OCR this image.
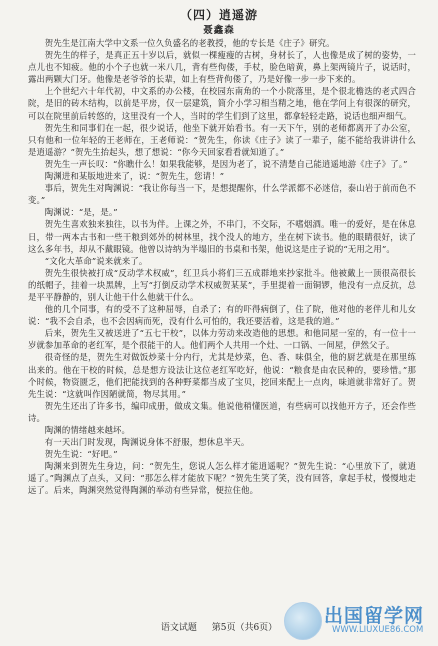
（四）逍遥游
聂鑫森

贺先生是江南大学中文系一位久负盛名的老教授，他的专长是《庄子》研究。

贺先生的样子，是真正五十岁以后，就似一棵瘦瘦的古树，身材长了，人也像是成了树的姿势，一点儿也不知疲。他的小个子也就一米八几，背有些佝偻，手杖，脸色暗黄，鼻上架两镜片子，说话时，露出两颗大门牙。他像是老爷爷的长辈，如上有些背佝偻了，乃是好像一步一步下来的。

上个世纪六十年代初，中文系的办公楼，在校园东南角的一个小院落里，是个很北檐迭的老式四合院，是旧的砖木结构，以前是平房，仅一层建筑，简介小学习相当精之地，他在学问上有很深的研究，可以在院里前后转悠的，这里没有一个人，当时的学生们到了这里，都拿轻轻走路，说话也细声细气。

贺先生和同事们在一起，很少说话，他坐下就开始看书。有一天下午，别的老师都离开了办公室，只有他和一位年轻的王老师在，王老师说：“贺先生，你读《庄子》读了一辈子，能不能给我讲讲什么是逍遥游？”贺先生抬起头，想了想说：“你今天回家看看就知道了。”

贺先生一声长叹：“你瞧什么！如果我能够，是因为老了，说不清楚自己能逍遥地游《庄子》了。”

陶渊进和某版地进来了，说：“贺先生，您请！”

事后，贺先生对陶渊说：“我让你每当一下，是想提醒你，什么学派都不必迷信，泰山岩于前而色不变。”

陶渊说：“是，是。”

贺先生喜欢独来独往，以书为伴。上课之外，不串门，不交际，不嗜烟酒。唯一的爱好，是在休息日，带一两本古书和一些干粮到郊外的树林里，找个没人的地方，坐在树下读书。他的眼睛很好，读了这么多年书，却从不戴眼镜。他曾以诗纳为半塌旧的书桌和书架，他说这是庄子说的“无用之用”。

“文化大革命”说来就来了。

贺先生很快被打成“反动学术权威”，红卫兵小将们三五成群地来抄家批斗。他被戴上一顶很高很长的纸帽子，挂着一块黑牌，上写“打倒反动学术权威贺某某”，手里提着一面铜锣，他没有一点反抗，总是平平静静的，别人让他干什么他就干什么。

他的几个同事，有的受不了这种屈辱，自杀了；有的吓得病倒了，住了院，他对他的老伴儿和儿女说：“我不会自杀，也不会因病而死，没有什么可怕的，我还要活着，这是我的道。”

后来，贺先生又被送进了“五七干校”，以体力劳动来改造他的思想。和他同屋一室的，有一位十一岁就参加革命的老红军，是个很能干的人。他们两个人共用一个灶、一口锅、一间屋，伊然父子。

很奇怪的是，贺先生对做饭炒菜十分内行，尤其是炒菜，色、香、味俱全，他的厨艺就是在那里练出来的。他在干校的时候，总是想方设法让这位老红军吃好，他说：“粮食是由农民种的，要珍惜。”那个时候，物资匮乏，他们把能找到的各种野菜都当成了宝贝，挖回来配上一点肉，味道就非常好了。贺先生说：“这就叫作因陋就简，物尽其用。”

贺先生还出了许多书，编印成册，做成文集。他说他稍懂医道，有些病可以找他开方子，还会作些诗。

陶渊的情绪越来越坏。

有一天出门时发现，陶渊说身体不舒服，想休息半天。

贺先生说：“好吧。”

陶渊来到贺先生身边，问：“贺先生，您说人怎么样才能逍遥呢？”贺先生说：“心里放下了，就逍遥了。”陶渊点了点头，又问：“那怎么样才能放下呢？”贺先生笑了笑，没有回答，拿起手杖，慢慢地走远了。后来，陶渊突然觉得陶渊的举动有些异常，便拉住他。

语文试题 第5页（共6页）
出国留学网
WWW.LIUXUE86.COM
